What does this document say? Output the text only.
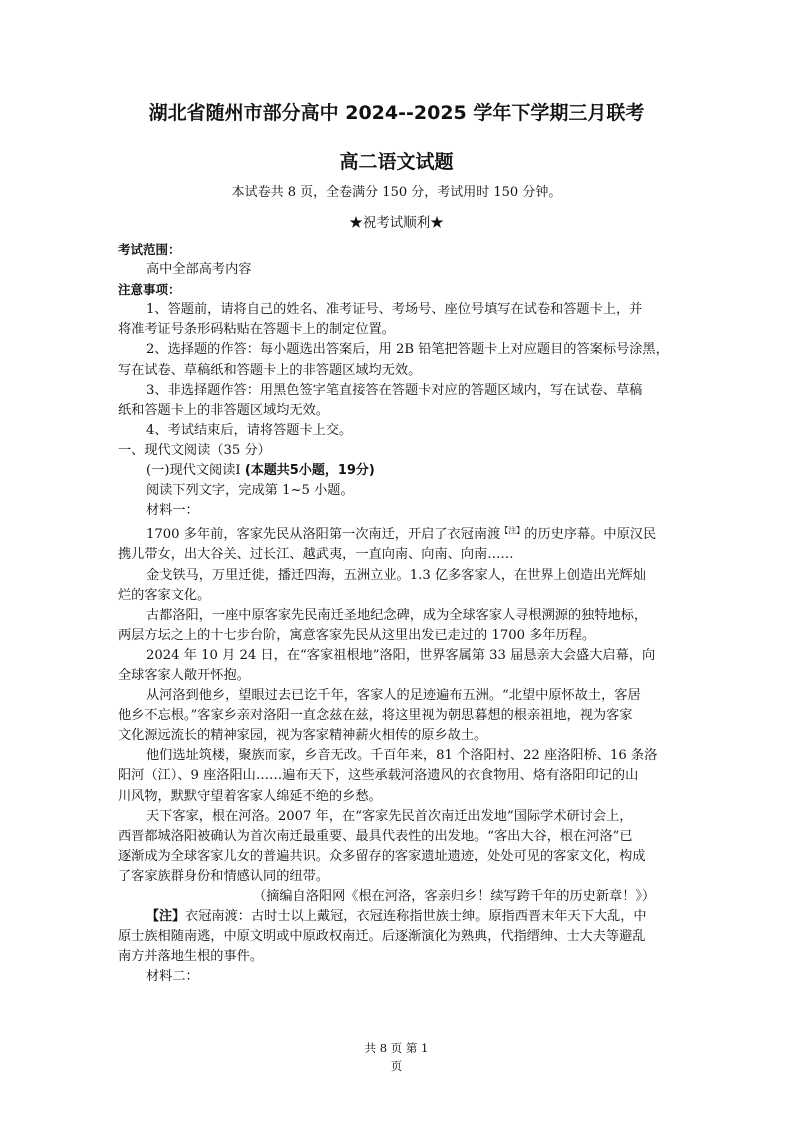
湖北省随州市部分高中 2024--2025 学年下学期三月联考
高二语文试题
本试卷共 8 页，全卷满分 150 分，考试用时 150 分钟。
★祝考试顺利★
考试范围：
高中全部高考内容
注意事项：
1、答题前，请将自己的姓名、准考证号、考场号、座位号填写在试卷和答题卡上，并
将准考证号条形码粘贴在答题卡上的制定位置。
2、选择题的作答：每小题选出答案后，用 2B 铅笔把答题卡上对应题目的答案标号涂黑，
写在试卷、草稿纸和答题卡上的非答题区域均无效。
3、非选择题作答：用黑色签字笔直接答在答题卡对应的答题区域内，写在试卷、草稿
纸和答题卡上的非答题区域均无效。
4、考试结束后，请将答题卡上交。
一、现代文阅读（35 分）
(一)现代文阅读Ⅰ (本题共5小题，19分)
阅读下列文字，完成第 1~5 小题。
材料一：
1700 多年前，客家先民从洛阳第一次南迁，开启了衣冠南渡$^{【注】}$的历史序幕。中原汉民
携儿带女，出大谷关、过长江、越武夷，一直向南、向南、向南……
金戈铁马，万里迁徙，播迁四海，五洲立业。1.3 亿多客家人，在世界上创造出光辉灿
烂的客家文化。
古都洛阳，一座中原客家先民南迁圣地纪念碑，成为全球客家人寻根溯源的独特地标，
两层方坛之上的十七步台阶，寓意客家先民从这里出发已走过的 1700 多年历程。
2024 年 10 月 24 日，在“客家祖根地”洛阳，世界客属第 33 届恳亲大会盛大启幕，向
全球客家人敞开怀抱。
从河洛到他乡，望眼过去已讫千年，客家人的足迹遍布五洲。“北望中原怀故土，客居
他乡不忘根。”客家乡亲对洛阳一直念兹在兹，将这里视为朝思暮想的根亲祖地，视为客家
文化源远流长的精神家园，视为客家精神薪火相传的原乡故土。
他们选址筑楼，聚族而家，乡音无改。千百年来，81 个洛阳村、22 座洛阳桥、16 条洛
阳河（江）、9 座洛阳山……遍布天下，这些承载河洛遗风的衣食物用、烙有洛阳印记的山
川风物，默默守望着客家人绵延不绝的乡愁。
天下客家，根在河洛。2007 年，在“客家先民首次南迁出发地”国际学术研讨会上，
西晋都城洛阳被确认为首次南迁最重要、最具代表性的出发地。“客出大谷，根在河洛”已
逐渐成为全球客家儿女的普遍共识。众多留存的客家遗址遗迹，处处可见的客家文化，构成
了客家族群身份和情感认同的纽带。
（摘编自洛阳网《根在河洛，客亲归乡！续写跨千年的历史新章！》）
【注】衣冠南渡：古时士以上戴冠，衣冠连称指世族士绅。原指西晋末年天下大乱，中
原士族相随南逃，中原文明或中原政权南迁。后逐渐演化为熟典，代指缙绅、士大夫等避乱
南方并落地生根的事件。
材料二：
共 8 页 第 1
页
